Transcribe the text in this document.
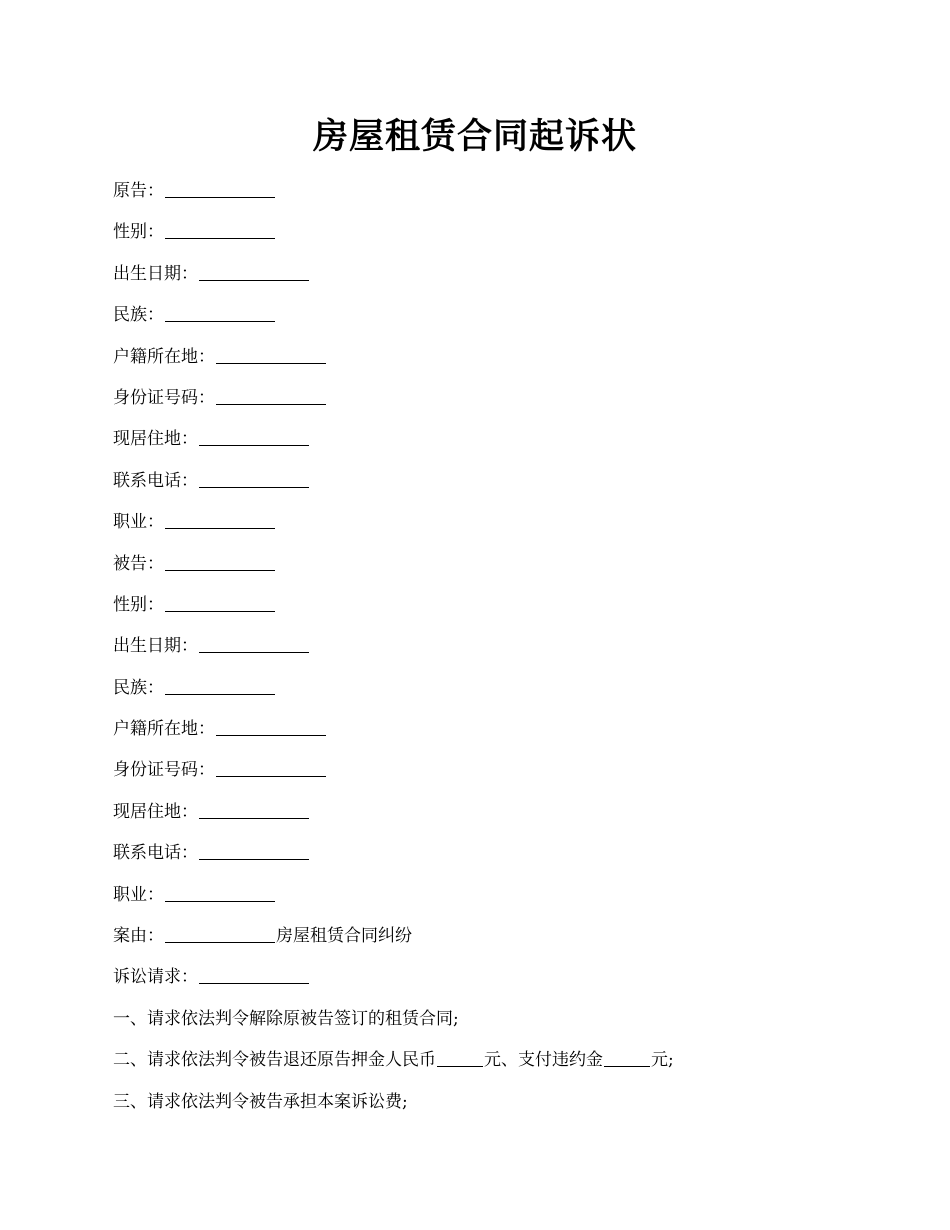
房屋租赁合同起诉状
原告：
性别：
出生日期：
民族：
户籍所在地：
身份证号码：
现居住地：
联系电话：
职业：
被告：
性别：
出生日期：
民族：
户籍所在地：
身份证号码：
现居住地：
联系电话：
职业：
案由：	房屋租赁合同纠纷
诉讼请求：
一、请求依法判令解除原被告签订的租赁合同;
二、请求依法判令被告退还原告押金人民币	元、支付违约金	元;
三、请求依法判令被告承担本案诉讼费;
